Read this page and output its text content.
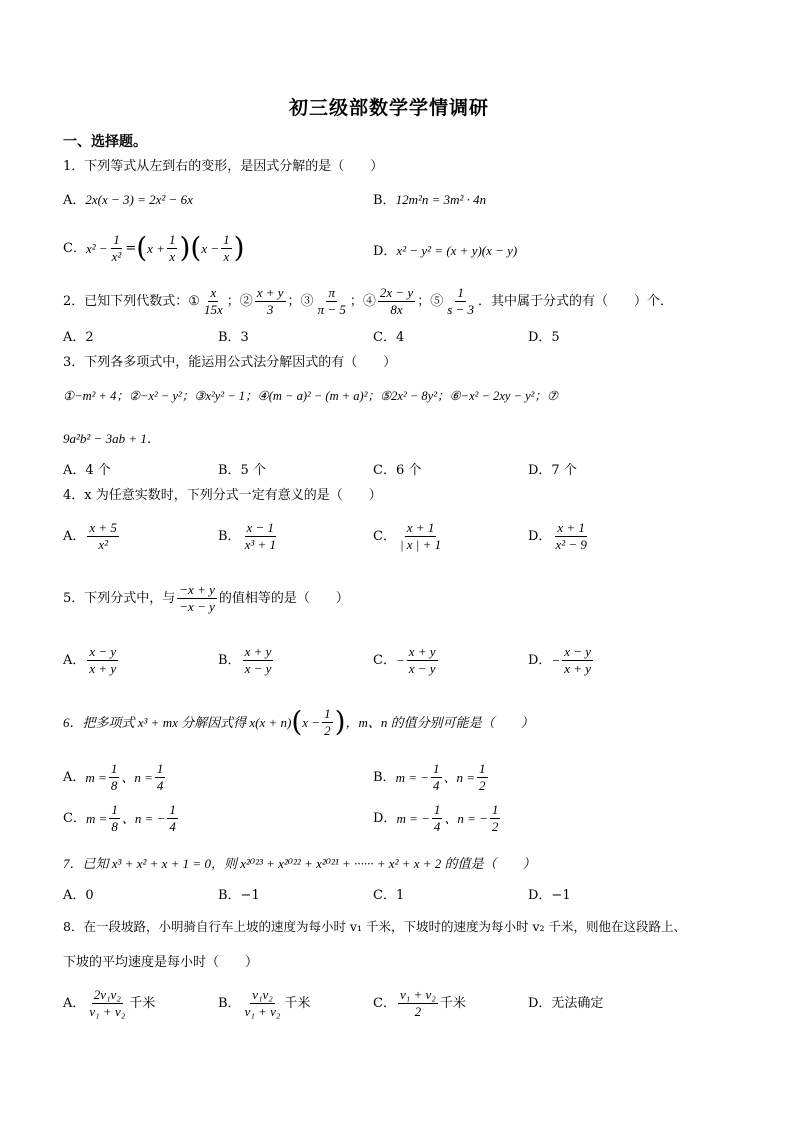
初三级部数学学情调研
一、选择题。
1．下列等式从左到右的变形，是因式分解的是（　　）
A．2x(x − 3) = 2x² − 6x	B．12m²n = 3m² · 4n
C． $x^2 - \frac{1}{\text{x²}}$ = ( $x + \frac{1}{x}$ ) ( $x - \frac{1}{x}$ )	D．x² − y² = (x + y)(x − y)
2．已知下列代数式： ① $\frac{x}{15x}$ ；② $\frac{x + y}{3}$ ；③ $\frac{\pi}{\pi - 5}$ ；④ $\frac{2x - y}{8x}$ ；⑤ $\frac{1}{s - 3}$ ．其中属于分式的有（　　）个．
A．2	B．3	C．4	D．5
3．下列各多项式中，能运用公式法分解因式的有（　　）
①−m² + 4；②−x² − y²；③x²y² − 1；④(m − a)² − (m + a)²；⑤2x² − 8y²；⑥−x² − 2xy − y²；⑦
9a²b² − 3ab + 1．
A．4 个	B．5 个	C．6 个	D．7 个
4．x 为任意实数时，下列分式一定有意义的是（　　）
A． $\frac{x + 5}{\text{x²}}$	B． $\frac{x - 1}{\text{x³ + 1}}$	C． $\frac{x + 1}{| x | + 1}$	D． $\frac{x + 1}{\text{x² − 9}}$
5．下列分式中，与 $\frac{-x + y}{-x - y}$ 的值相等的是（　　）
A． $\frac{x - y}{x + y}$	B． $\frac{x + y}{x - y}$	C． − $\frac{x + y}{x - y}$	D． − $\frac{x - y}{x + y}$
6．把多项式 x³ + mx 分解因式得 x(x + n) ( $x - \frac{1}{2}$ ) ，m、n 的值分别可能是（　　）
A． $m = \frac{1}{8}$ 、$n = \frac{1}{4}$	B． m = − $\frac{1}{4}$ 、$n = \frac{1}{2}$
C． $m = \frac{1}{8}$ 、n = − $\frac{1}{4}$	D． m = − $\frac{1}{4}$ 、n = − $\frac{1}{2}$
7．已知 x³ + x² + x + 1 = 0，则 x²⁰²³ + x²⁰²² + x²⁰²¹ + ······ + x² + x + 2 的值是（　　）
A．0	B．−1	C．1	D．−1
8．在一段坡路，小明骑自行车上坡的速度为每小时 v₁ 千米，下坡时的速度为每小时 v₂ 千米，则他在这段路上、
下坡的平均速度是每小时（　　）
A． $\frac{\text{2v₁v₂}}{\text{v₁ + v₂}}$ 千米	B． $\frac{\text{v₁v₂}}{\text{v₁ + v₂}}$ 千米	C． $\frac{\text{v₁ + v₂}}{2}$ 千米	D．无法确定
